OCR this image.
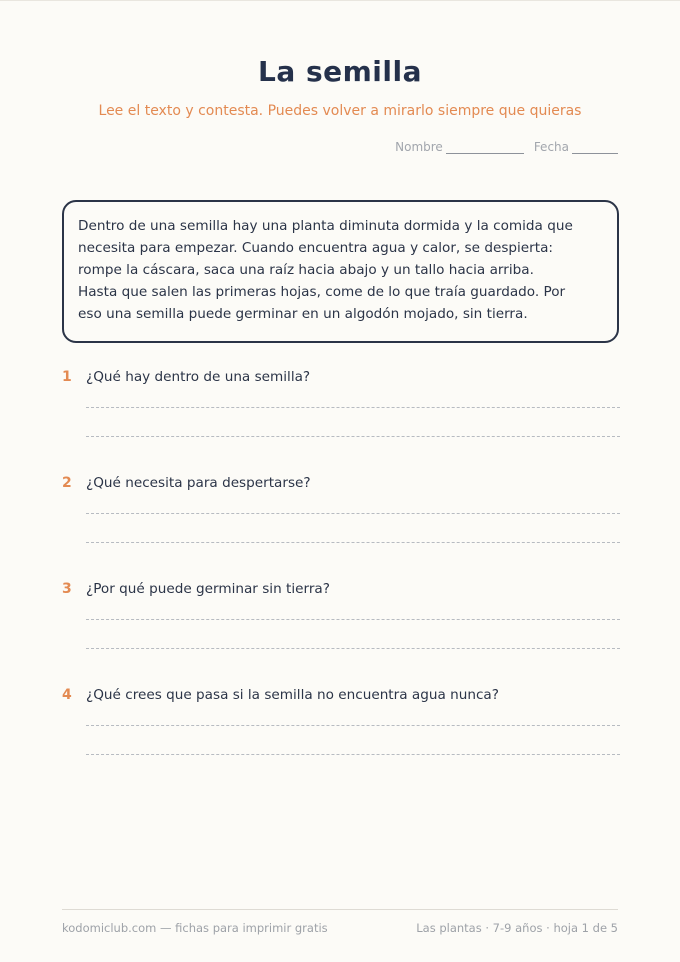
La semilla

Lee el texto y contesta. Puedes volver a mirarlo siempre que quieras

Nombre	Fecha
Dentro de una semilla hay una planta diminuta dormida y la comida que
necesita para empezar. Cuando encuentra agua y calor, se despierta:
rompe la cáscara, saca una raíz hacia abajo y un tallo hacia arriba.
Hasta que salen las primeras hojas, come de lo que traía guardado. Por
eso una semilla puede germinar en un algodón mojado, sin tierra.
1	¿Qué hay dentro de una semilla?
2	¿Qué necesita para despertarse?
3	¿Por qué puede germinar sin tierra?
4	¿Qué crees que pasa si la semilla no encuentra agua nunca?
kodomiclub.com — fichas para imprimir gratis	Las plantas · 7-9 años · hoja 1 de 5
